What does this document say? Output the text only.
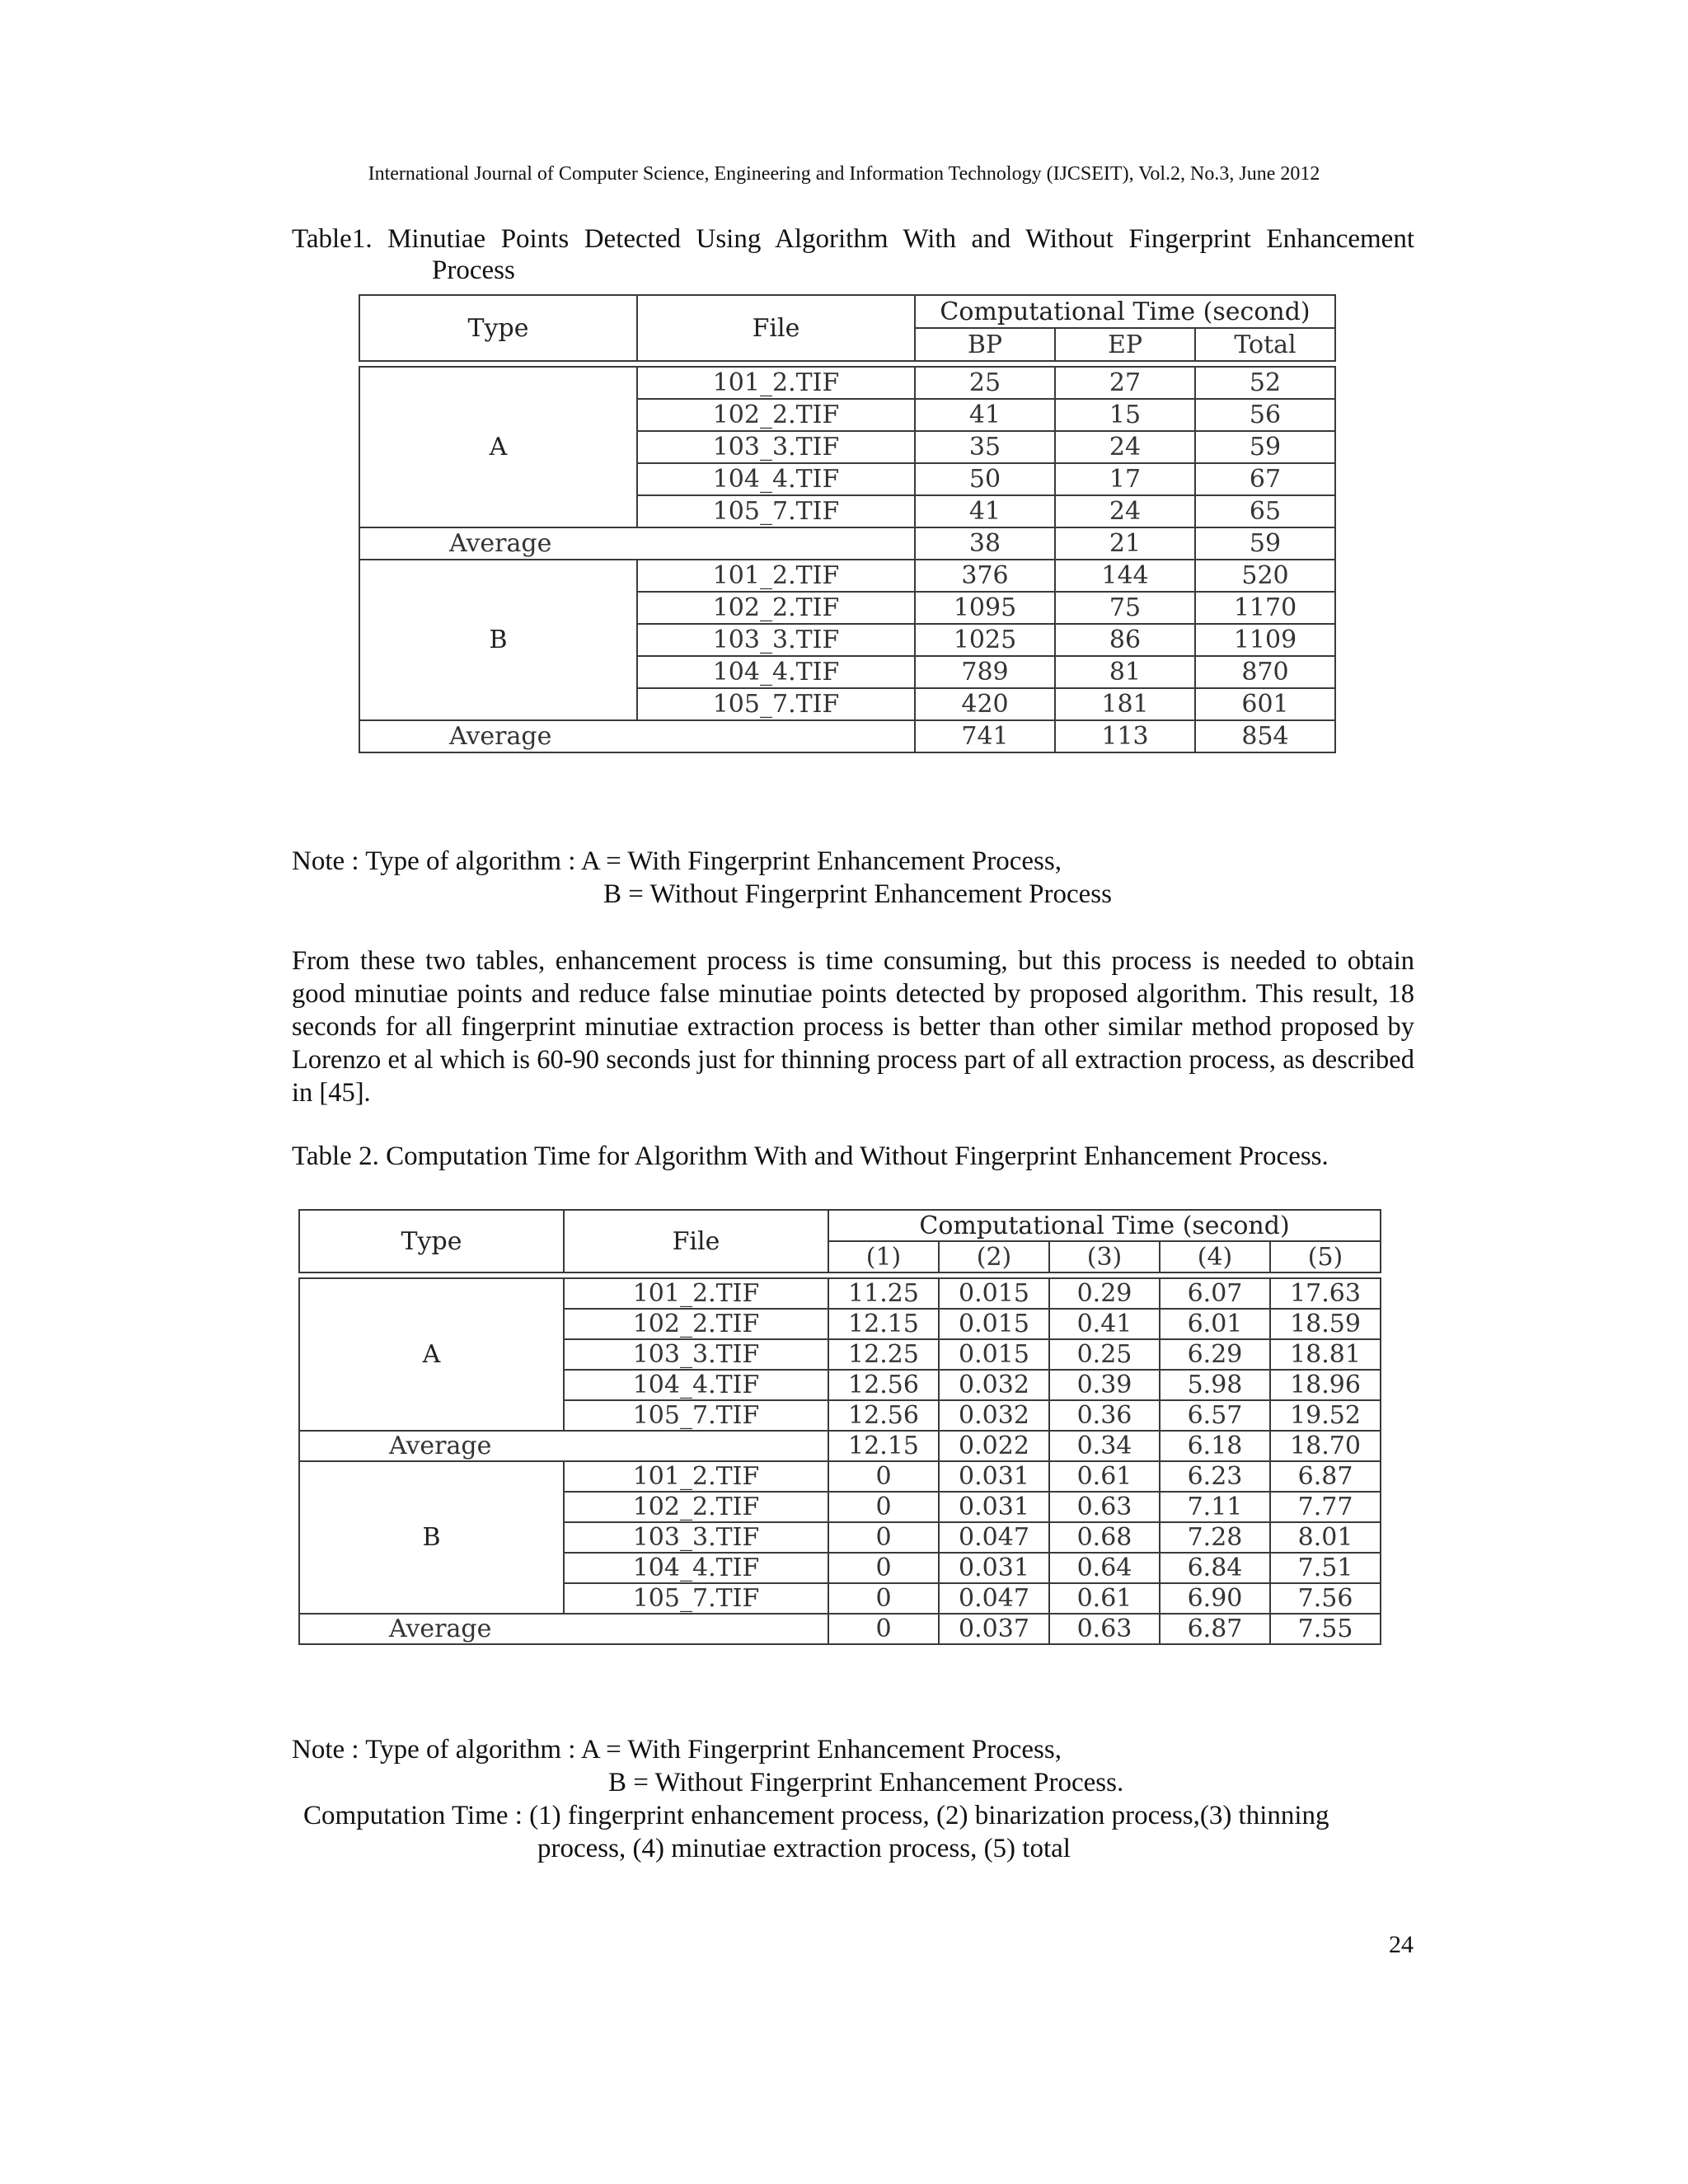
International Journal of Computer Science, Engineering and Information Technology (IJCSEIT), Vol.2, No.3, June 2012
Table1. Minutiae Points Detected Using Algorithm With and Without Fingerprint Enhancement
Process
Type	File	Computational Time (second)		
		BP	EP	Total

A	101_2.TIF	25	27	52
	102_2.TIF	41	15	56
	103_3.TIF	35	24	59
	104_4.TIF	50	17	67
	105_7.TIF	41	24	65
Average		38	21	59
B	101_2.TIF	376	144	520
	102_2.TIF	1095	75	1170
	103_3.TIF	1025	86	1109
	104_4.TIF	789	81	870
	105_7.TIF	420	181	601
Average		741	113	854
Note : Type of algorithm : A = With Fingerprint Enhancement Process,
B = Without Fingerprint Enhancement Process
From these two tables, enhancement process is time consuming, but this process is needed to obtain good minutiae points and reduce false minutiae points detected by proposed algorithm. This result, 18 seconds for all fingerprint minutiae extraction process is better than other similar method proposed by Lorenzo et al which is 60-90 seconds just for thinning process part of all extraction process, as described in [45].
Table 2. Computation Time for Algorithm With and Without Fingerprint Enhancement Process.
Type	File	Computational Time (second)				
		(1)	(2)	(3)	(4)	(5)

A	101_2.TIF	11.25	0.015	0.29	6.07	17.63
	102_2.TIF	12.15	0.015	0.41	6.01	18.59
	103_3.TIF	12.25	0.015	0.25	6.29	18.81
	104_4.TIF	12.56	0.032	0.39	5.98	18.96
	105_7.TIF	12.56	0.032	0.36	6.57	19.52
Average		12.15	0.022	0.34	6.18	18.70
B	101_2.TIF	0	0.031	0.61	6.23	6.87
	102_2.TIF	0	0.031	0.63	7.11	7.77
	103_3.TIF	0	0.047	0.68	7.28	8.01
	104_4.TIF	0	0.031	0.64	6.84	7.51
	105_7.TIF	0	0.047	0.61	6.90	7.56
Average		0	0.037	0.63	6.87	7.55
Note : Type of algorithm : A = With Fingerprint Enhancement Process,
B = Without Fingerprint Enhancement Process.
Computation Time : (1) fingerprint enhancement process, (2) binarization process,(3) thinning
process, (4) minutiae extraction process, (5) total
24
